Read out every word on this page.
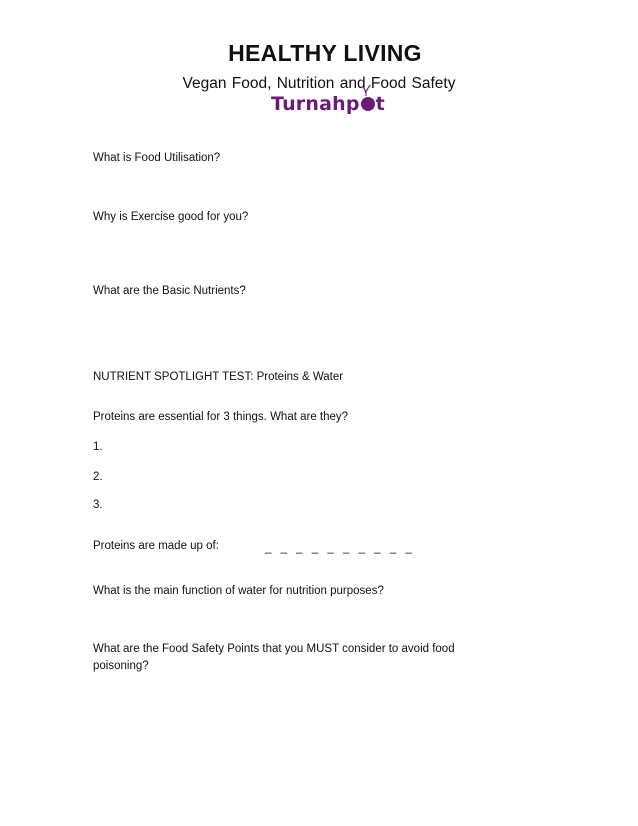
HEALTHY LIVING
Vegan Food, Nutrition and Food Safety
Turnahp t
What is Food Utilisation?
Why is Exercise good for you?
What are the Basic Nutrients?
NUTRIENT SPOTLIGHT TEST: Proteins & Water
Proteins are essential for 3 things. What are they?
1.
2.
3.
Proteins are made up of:	_ _ _ _ _ _ _ _ _ _
What is the main function of water for nutrition purposes?
What are the Food Safety Points that you MUST consider to avoid food
poisoning?
